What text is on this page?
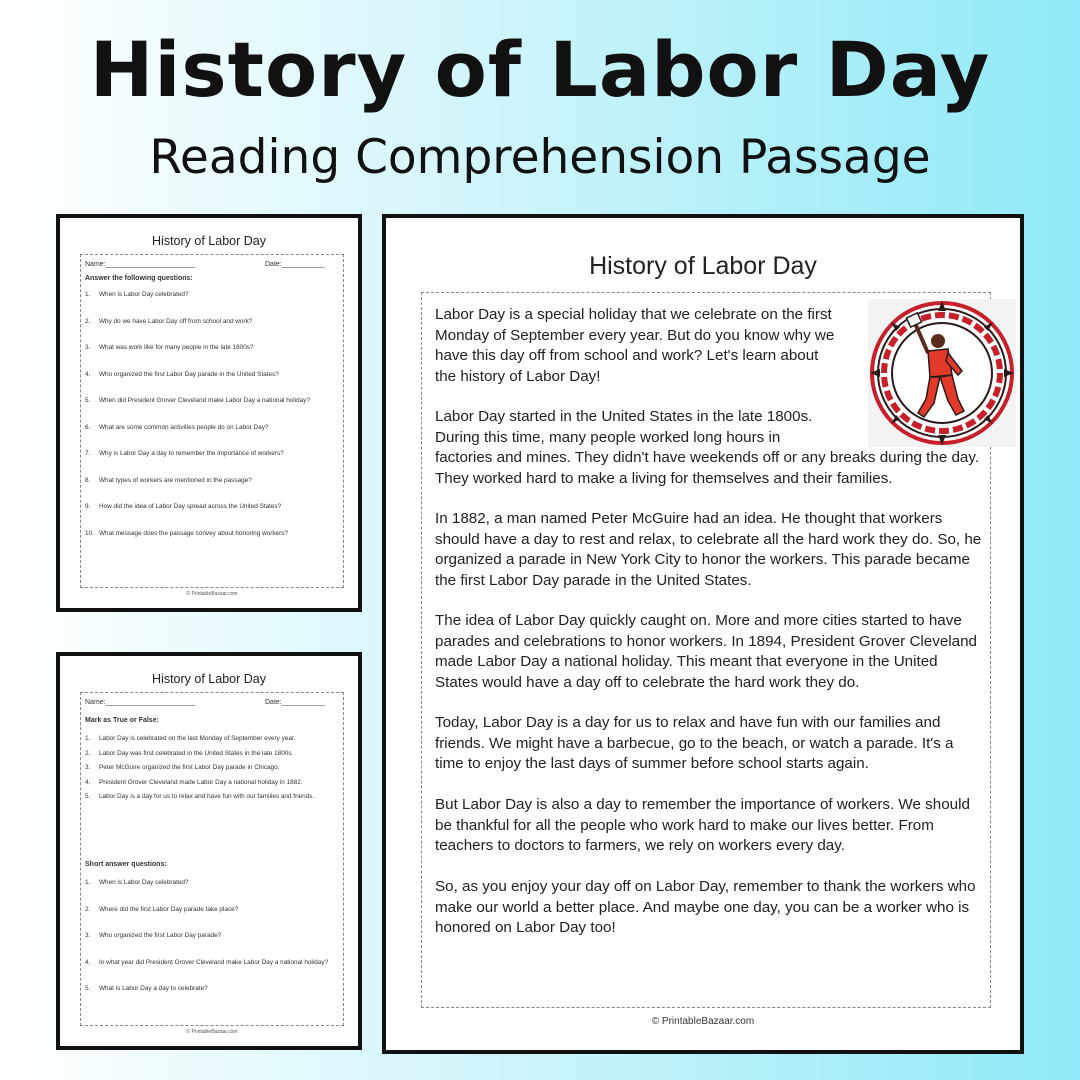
History of Labor Day
Reading Comprehension Passage
History of Labor Day
Name:_______________________	Date:___________
Answer the following questions:
1.	When is Labor Day celebrated?
2.	Why do we have Labor Day off from school and work?
3.	What was work like for many people in the late 1800s?
4.	Who organized the first Labor Day parade in the United States?
5.	When did President Grover Cleveland make Labor Day a national holiday?
6.	What are some common activities people do on Labor Day?
7.	Why is Labor Day a day to remember the importance of workers?
8.	What types of workers are mentioned in the passage?
9.	How did the idea of Labor Day spread across the United States?
10. What message does the passage convey about honoring workers?
© PrintableBazaar.com
History of Labor Day
Name:_______________________	Date:___________
Mark as True or False:
1.	Labor Day is celebrated on the last Monday of September every year.
2.	Labor Day was first celebrated in the United States in the late 1800s.
3.	Peter McGuire organized the first Labor Day parade in Chicago.
4.	President Grover Cleveland made Labor Day a national holiday in 1882.
5.	Labor Day is a day for us to relax and have fun with our families and friends.
Short answer questions:
1.	When is Labor Day celebrated?
2.	Where did the first Labor Day parade take place?
3.	Who organized the first Labor Day parade?
4.	In what year did President Grover Cleveland make Labor Day a national holiday?
5.	What is Labor Day a day to celebrate?
© PrintableBazaar.com
History of Labor Day

Labor Day is a special holiday that we celebrate on the first Monday of September every year. But do you know why we have this day off from school and work? Let's learn about the history of Labor Day!

Labor Day started in the United States in the late 1800s. During this time, many people worked long hours in factories and mines. They didn't have weekends off or any breaks during the day. They worked hard to make a living for themselves and their families.

In 1882, a man named Peter McGuire had an idea. He thought that workers should have a day to rest and relax, to celebrate all the hard work they do. So, he organized a parade in New York City to honor the workers. This parade became the first Labor Day parade in the United States.

The idea of Labor Day quickly caught on. More and more cities started to have parades and celebrations to honor workers. In 1894, President Grover Cleveland made Labor Day a national holiday. This meant that everyone in the United States would have a day off to celebrate the hard work they do.

Today, Labor Day is a day for us to relax and have fun with our families and friends. We might have a barbecue, go to the beach, or watch a parade. It's a time to enjoy the last days of summer before school starts again.

But Labor Day is also a day to remember the importance of workers. We should be thankful for all the people who work hard to make our lives better. From teachers to doctors to farmers, we rely on workers every day.

So, as you enjoy your day off on Labor Day, remember to thank the workers who make our world a better place. And maybe one day, you can be a worker who is honored on Labor Day too!

© PrintableBazaar.com
